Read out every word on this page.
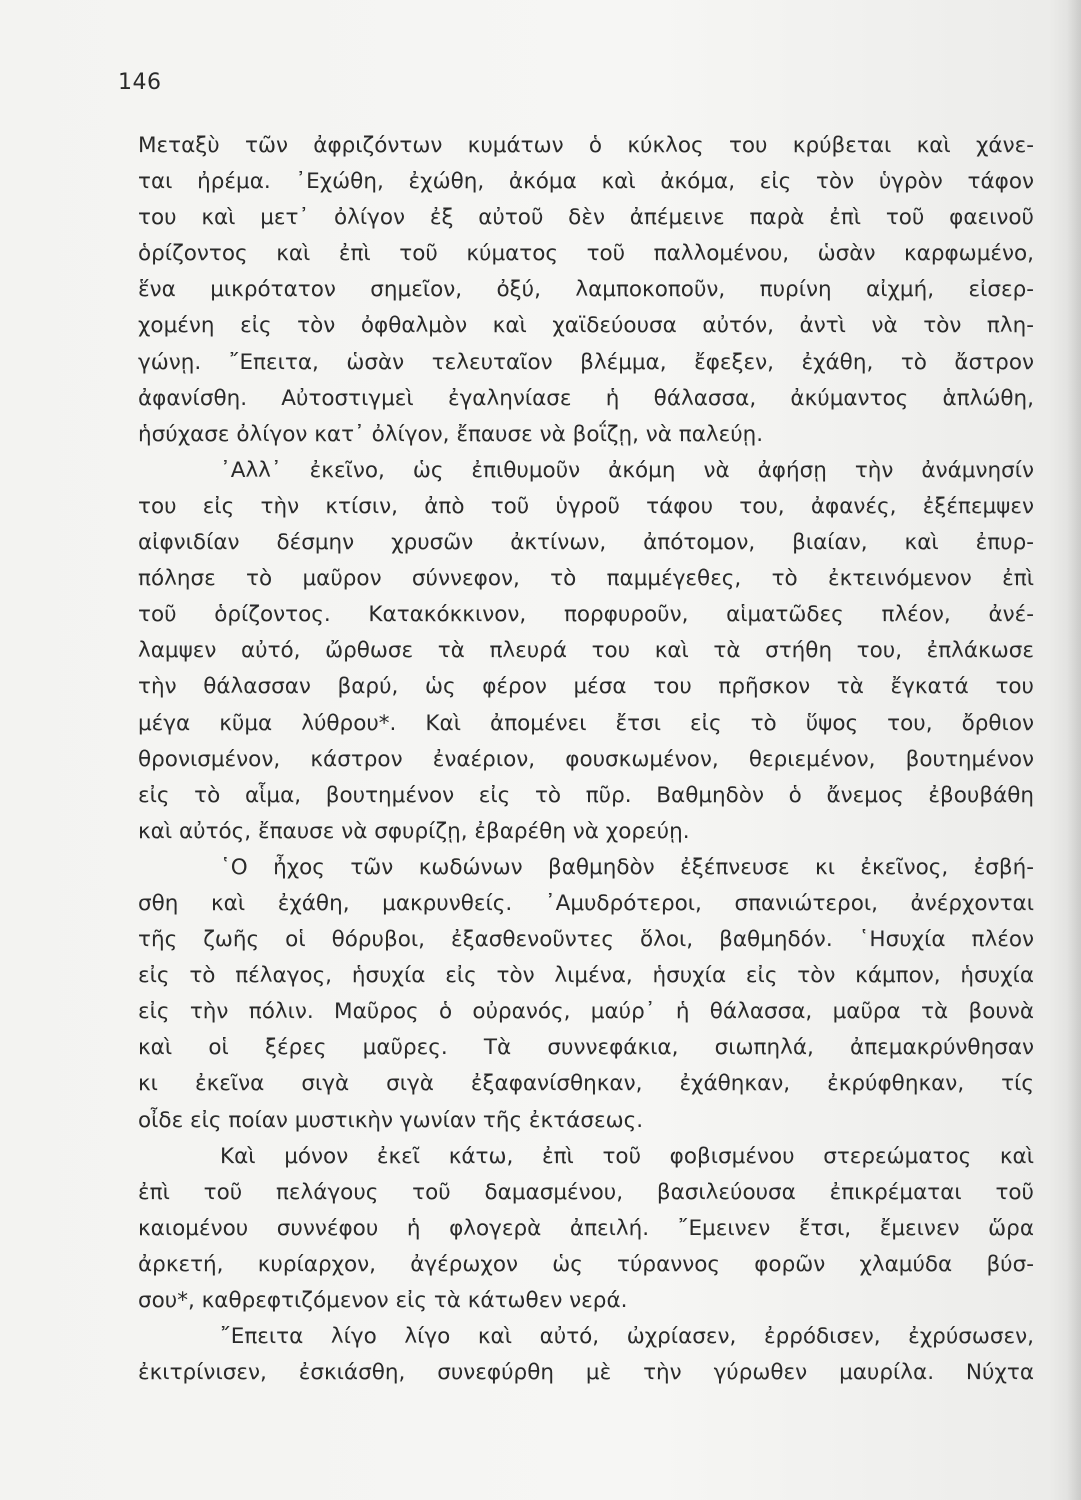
146
Μεταξὺ τῶν ἀφριζόντων κυμάτων ὁ κύκλος του κρύβεται καὶ χάνε-
ται ἠρέμα. ᾿Εχώθη, ἐχώθη, ἀκόμα καὶ ἀκόμα, εἰς τὸν ὑγρὸν τάφον
του καὶ μετ᾿ ὀλίγον ἐξ αὐτοῦ δὲν ἀπέμεινε παρὰ ἐπὶ τοῦ φαεινοῦ
ὁρίζοντος καὶ ἐπὶ τοῦ κύματος τοῦ παλλομένου, ὡσὰν καρφωμένο,
ἕνα μικρότατον σημεῖον, ὀξύ, λαμποκοποῦν, πυρίνη αἰχμή, εἰσερ-
χομένη εἰς τὸν ὀφθαλμὸν καὶ χαϊδεύουσα αὐτόν, ἀντὶ νὰ τὸν πλη-
γώνῃ. ῎Επειτα, ὡσὰν τελευταῖον βλέμμα, ἔφεξεν, ἐχάθη, τὸ ἄστρον
ἀφανίσθη. Αὐτοστιγμεὶ ἐγαληνίασε ἡ θάλασσα, ἀκύμαντος ἁπλώθη,
ἡσύχασε ὀλίγον κατ᾿ ὀλίγον, ἔπαυσε νὰ βοΐζῃ, νὰ παλεύῃ.
᾿Αλλ᾿ ἐκεῖνο, ὡς ἐπιθυμοῦν ἀκόμη νὰ ἀφήσῃ τὴν ἀνάμνησίν
του εἰς τὴν κτίσιν, ἀπὸ τοῦ ὑγροῦ τάφου του, ἀφανές, ἐξέπεμψεν
αἰφνιδίαν δέσμην χρυσῶν ἀκτίνων, ἀπότομον, βιαίαν, καὶ ἐπυρ-
πόλησε τὸ μαῦρον σύννεφον, τὸ παμμέγεθες, τὸ ἐκτεινόμενον ἐπὶ
τοῦ ὁρίζοντος. Κατακόκκινον, πορφυροῦν, αἱματῶδες πλέον, ἀνέ-
λαμψεν αὐτό, ὤρθωσε τὰ πλευρά του καὶ τὰ στήθη του, ἐπλάκωσε
τὴν θάλασσαν βαρύ, ὡς φέρον μέσα του πρῆσκον τὰ ἔγκατά του
μέγα κῦμα λύθρου*. Καὶ ἀπομένει ἔτσι εἰς τὸ ὕψος του, ὄρθιον
θρονισμένον, κάστρον ἐναέριον, φουσκωμένον, θεριεμένον, βουτημένον
εἰς τὸ αἷμα, βουτημένον εἰς τὸ πῦρ. Βαθμηδὸν ὁ ἄνεμος ἐβουβάθη
καὶ αὐτός, ἔπαυσε νὰ σφυρίζῃ, ἐβαρέθη νὰ χορεύῃ.
῾Ο ἦχος τῶν κωδώνων βαθμηδὸν ἐξέπνευσε κι ἐκεῖνος, ἐσβή-
σθη καὶ ἐχάθη, μακρυνθείς. ᾿Αμυδρότεροι, σπανιώτεροι, ἀνέρχονται
τῆς ζωῆς οἱ θόρυβοι, ἐξασθενοῦντες ὅλοι, βαθμηδόν. ῾Ησυχία πλέον
εἰς τὸ πέλαγος, ἡσυχία εἰς τὸν λιμένα, ἡσυχία εἰς τὸν κάμπον, ἡσυχία
εἰς τὴν πόλιν. Μαῦρος ὁ οὐρανός, μαύρ᾿ ἡ θάλασσα, μαῦρα τὰ βουνὰ
καὶ οἱ ξέρες μαῦρες. Τὰ συννεφάκια, σιωπηλά, ἀπεμακρύνθησαν
κι ἐκεῖνα σιγὰ σιγὰ ἐξαφανίσθηκαν, ἐχάθηκαν, ἐκρύφθηκαν, τίς
οἶδε εἰς ποίαν μυστικὴν γωνίαν τῆς ἐκτάσεως.
Καὶ μόνον ἐκεῖ κάτω, ἐπὶ τοῦ φοβισμένου στερεώματος καὶ
ἐπὶ τοῦ πελάγους τοῦ δαμασμένου, βασιλεύουσα ἐπικρέμαται τοῦ
καιομένου συννέφου ἡ φλογερὰ ἀπειλή. ῎Εμεινεν ἔτσι, ἔμεινεν ὥρα
ἀρκετή, κυρίαρχον, ἀγέρωχον ὡς τύραννος φορῶν χλαμύδα βύσ-
σου*, καθρεφτιζόμενον εἰς τὰ κάτωθεν νερά.
῎Επειτα λίγο λίγο καὶ αὐτό, ὠχρίασεν, ἐρρόδισεν, ἐχρύσωσεν,
ἐκιτρίνισεν, ἐσκιάσθη, συνεφύρθη μὲ τὴν γύρωθεν μαυρίλα. Νύχτα
